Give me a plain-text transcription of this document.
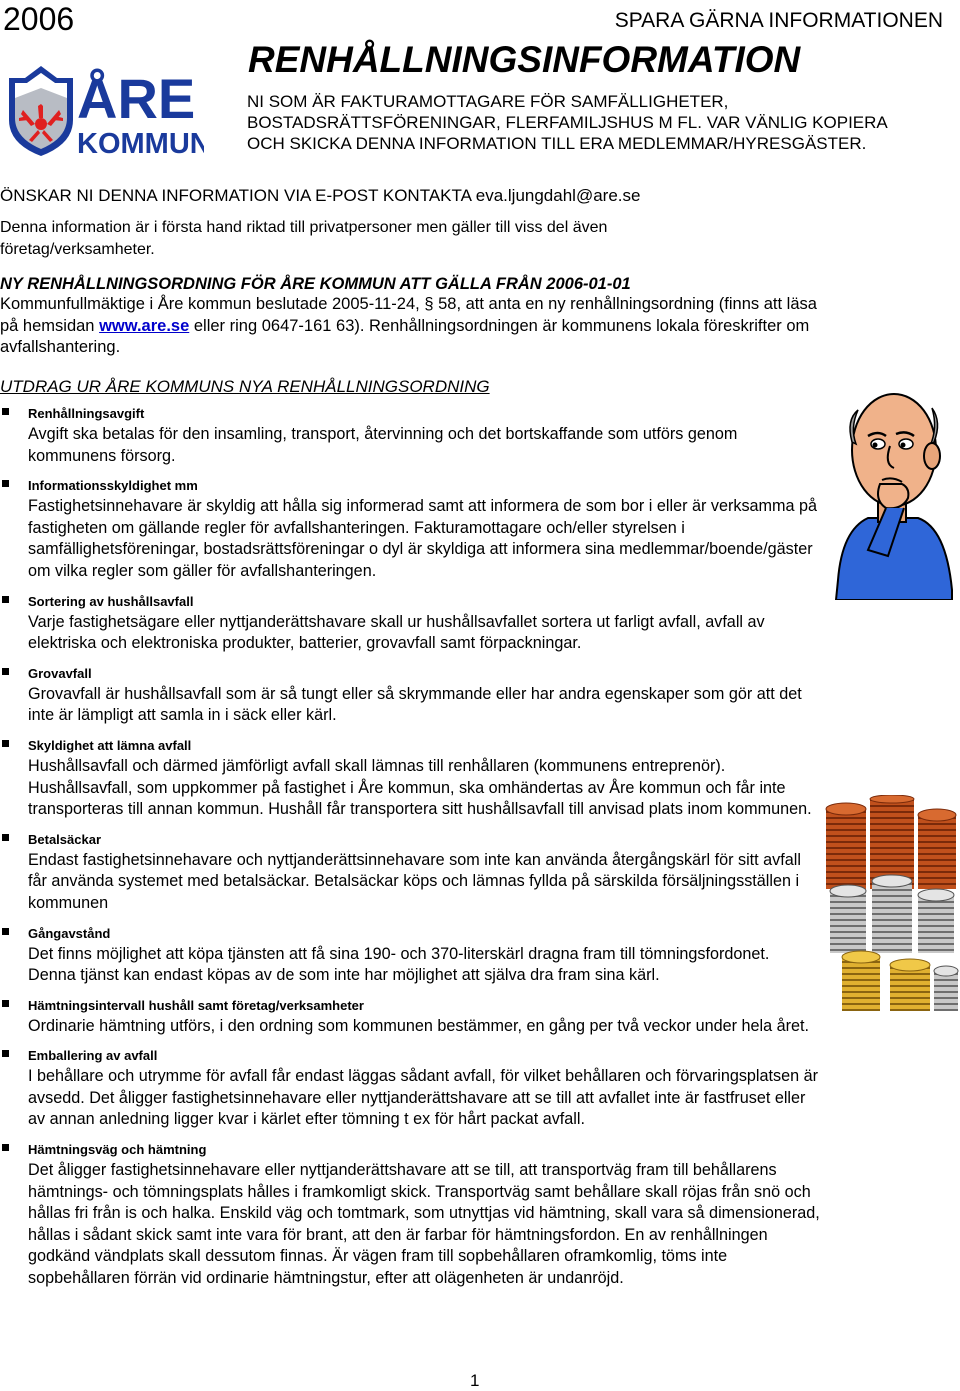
2006	SPARA GÄRNA INFORMATIONEN
RENHÅLLNINGSINFORMATION
ÅRE
KOMMUN
NI SOM ÄR FAKTURAMOTTAGARE FÖR SAMFÄLLIGHETER, BOSTADSRÄTTSFÖRENINGAR, FLERFAMILJSHUS M FL. VAR VÄNLIG KOPIERA OCH SKICKA DENNA INFORMATION TILL ERA MEDLEMMAR/HYRESGÄSTER.
ÖNSKAR NI DENNA INFORMATION VIA E-POST KONTAKTA eva.ljungdahl@are.se
Denna information är i första hand riktad till privatpersoner men gäller till viss del även företag/verksamheter.
NY RENHÅLLNINGSORDNING FÖR ÅRE KOMMUN ATT GÄLLA FRÅN 2006-01-01
Kommunfullmäktige i Åre kommun beslutade 2005-11-24, § 58, att anta en ny renhållningsordning (finns att läsa på hemsidan www.are.se eller ring 0647-161 63). Renhållningsordningen är kommunens lokala föreskrifter om avfallshantering.
UTDRAG UR ÅRE KOMMUNS NYA RENHÅLLNINGSORDNING
Renhållningsavgift
Avgift ska betalas för den insamling, transport, återvinning och det bortskaffande som utförs genom kommunens försorg.
Informationsskyldighet mm
Fastighetsinnehavare är skyldig att hålla sig informerad samt att informera de som bor i eller är verksamma på fastigheten om gällande regler för avfallshanteringen. Fakturamottagare och/eller styrelsen i samfällighetsföreningar, bostadsrättsföreningar o dyl är skyldiga att informera sina medlemmar/boende/gäster om vilka regler som gäller för avfallshanteringen.
Sortering av hushållsavfall
Varje fastighetsägare eller nyttjanderättshavare skall ur hushållsavfallet sortera ut farligt avfall, avfall av elektriska och elektroniska produkter, batterier, grovavfall samt förpackningar.
Grovavfall
Grovavfall är hushållsavfall som är så tungt eller så skrymmande eller har andra egenskaper som gör att det inte är lämpligt att samla in i säck eller kärl.
Skyldighet att lämna avfall
Hushållsavfall och därmed jämförligt avfall skall lämnas till renhållaren (kommunens entreprenör). Hushållsavfall, som uppkommer på fastighet i Åre kommun, ska omhändertas av Åre kommun och får inte transporteras till annan kommun. Hushåll får transportera sitt hushållsavfall till anvisad plats inom kommunen.
Betalsäckar
Endast fastighetsinnehavare och nyttjanderättsinnehavare som inte kan använda återgångskärl för sitt avfall får använda systemet med betalsäckar. Betalsäckar köps och lämnas fyllda på särskilda försäljningsställen i kommunen
Gångavstånd
Det finns möjlighet att köpa tjänsten att få sina 190- och 370-literskärl dragna fram till tömningsfordonet. Denna tjänst kan endast köpas av de som inte har möjlighet att själva dra fram sina kärl.
Hämtningsintervall hushåll samt företag/verksamheter
Ordinarie hämtning utförs, i den ordning som kommunen bestämmer, en gång per två veckor under hela året.
Emballering av avfall
I behållare och utrymme för avfall får endast läggas sådant avfall, för vilket behållaren och förvaringsplatsen är avsedd. Det åligger fastighetsinnehavare eller nyttjanderättshavare att se till att avfallet inte är fastfruset eller av annan anledning ligger kvar i kärlet efter tömning t ex för hårt packat avfall.
Hämtningsväg och hämtning
Det åligger fastighetsinnehavare eller nyttjanderättshavare att se till, att transportväg fram till behållarens hämtnings- och tömningsplats hålles i framkomligt skick. Transportväg samt behållare skall röjas från snö och hållas fri från is och halka. Enskild väg och tomtmark, som utnyttjas vid hämtning, skall vara så dimensionerad, hållas i sådant skick samt inte vara för brant, att den är farbar för hämtningsfordon. En av renhållningen godkänd vändplats skall dessutom finnas. Är vägen fram till sopbehållaren oframkomlig, töms inte sopbehållaren förrän vid ordinarie hämtningstur, efter att olägenheten är undanröjd.
1
